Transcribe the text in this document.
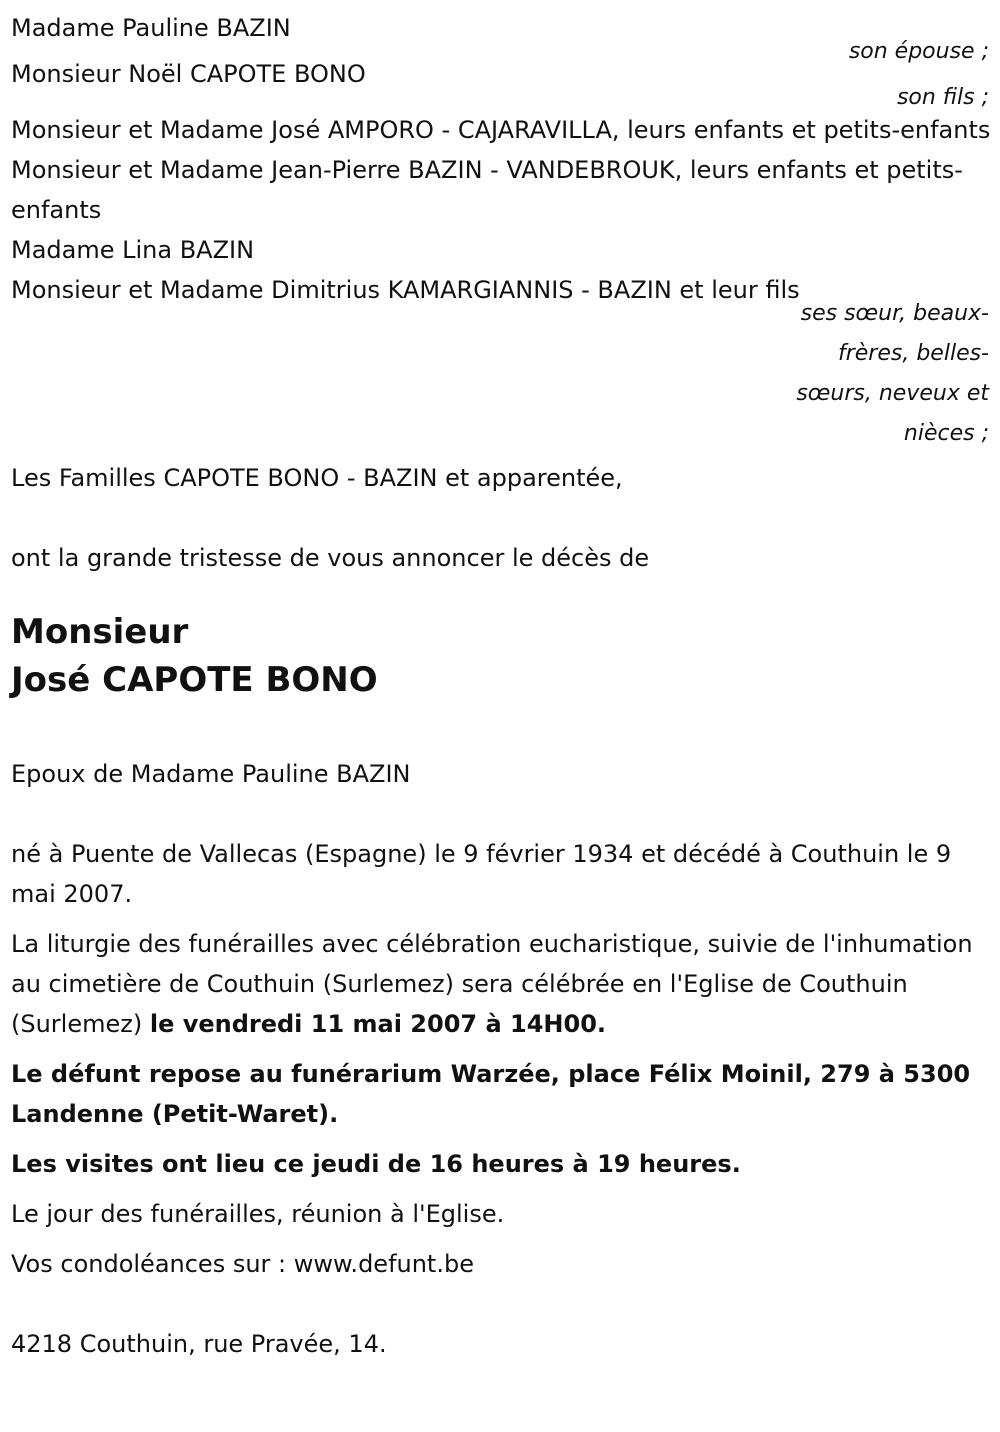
Madame Pauline BAZIN

son épouse ;

Monsieur Noël CAPOTE BONO

son fils ;

Monsieur et Madame José AMPORO - CAJARAVILLA, leurs enfants et petits-enfants

Monsieur et Madame Jean-Pierre BAZIN - VANDEBROUK, leurs enfants et petits-enfants

Madame Lina BAZIN

Monsieur et Madame Dimitrius KAMARGIANNIS - BAZIN et leur fils

ses sœur, beaux-frères, belles-sœurs, neveux et nièces ;

Les Familles CAPOTE BONO - BAZIN et apparentée,

ont la grande tristesse de vous annoncer le décès de

Monsieur

José CAPOTE BONO

Epoux de Madame Pauline BAZIN

né à Puente de Vallecas (Espagne) le 9 février 1934 et décédé à Couthuin le 9 mai 2007.

La liturgie des funérailles avec célébration eucharistique, suivie de l'inhumation au cimetière de Couthuin (Surlemez) sera célébrée en l'Eglise de Couthuin (Surlemez) le vendredi 11 mai 2007 à 14H00.

Le défunt repose au funérarium Warzée, place Félix Moinil, 279 à 5300 Landenne (Petit-Waret).

Les visites ont lieu ce jeudi de 16 heures à 19 heures.

Le jour des funérailles, réunion à l'Eglise.

Vos condoléances sur : www.defunt.be

4218 Couthuin, rue Pravée, 14.
